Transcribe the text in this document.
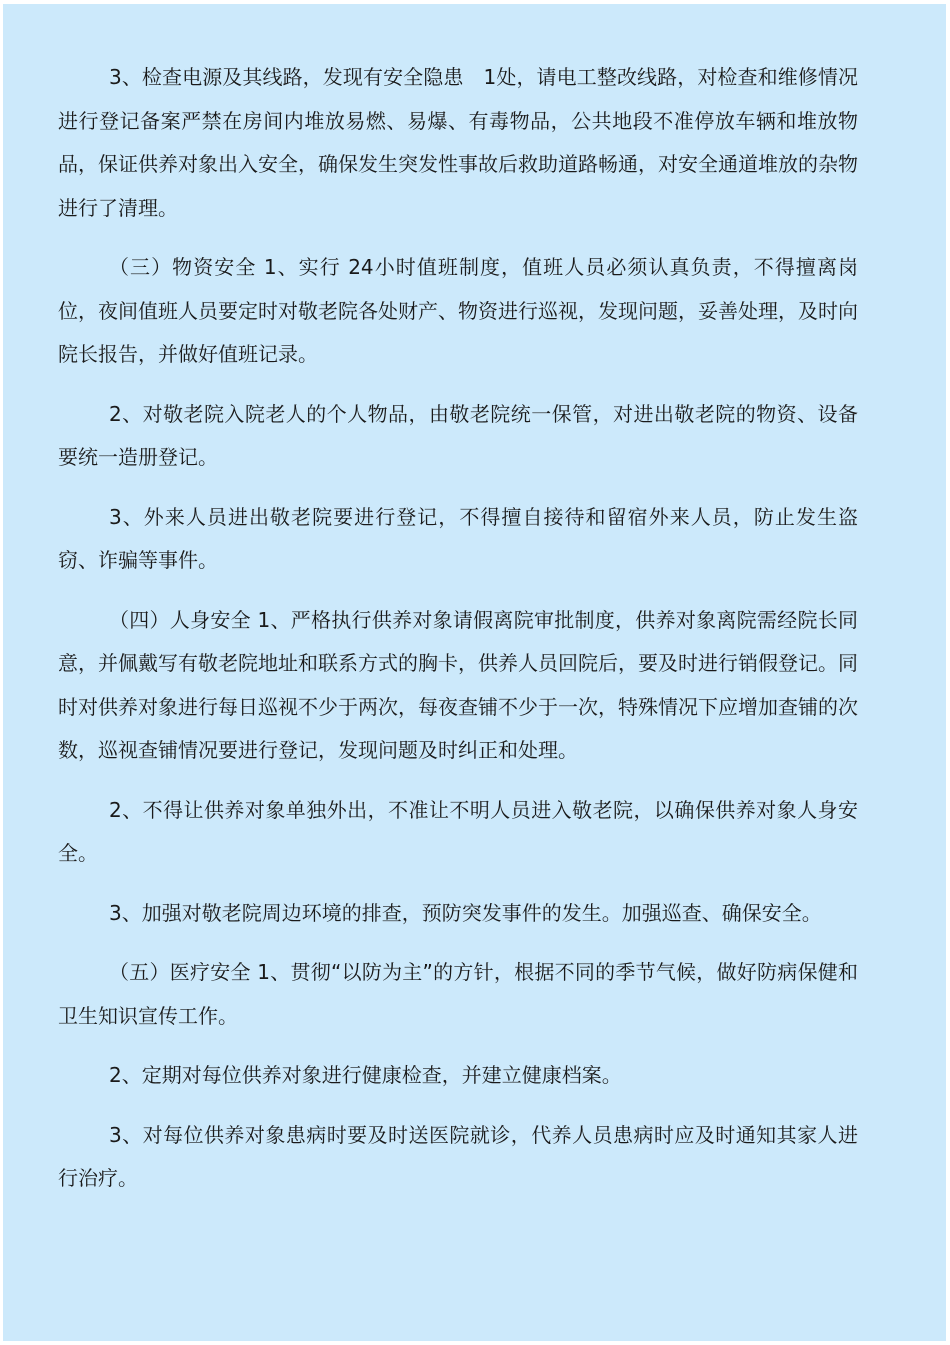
3、检查电源及其线路，发现有安全隐患　1处，请电工整改线路，对检查和维修情况进行登记备案严禁在房间内堆放易燃、易爆、有毒物品，公共地段不准停放车辆和堆放物品，保证供养对象出入安全，确保发生突发性事故后救助道路畅通，对安全通道堆放的杂物进行了清理。

（三）物资安全 1、实行 24小时值班制度，值班人员必须认真负责，不得擅离岗位，夜间值班人员要定时对敬老院各处财产、物资进行巡视，发现问题，妥善处理，及时向院长报告，并做好值班记录。

2、对敬老院入院老人的个人物品，由敬老院统一保管，对进出敬老院的物资、设备要统一造册登记。

3、外来人员进出敬老院要进行登记，不得擅自接待和留宿外来人员，防止发生盗窃、诈骗等事件。

（四）人身安全 1、严格执行供养对象请假离院审批制度，供养对象离院需经院长同意，并佩戴写有敬老院地址和联系方式的胸卡，供养人员回院后，要及时进行销假登记。同时对供养对象进行每日巡视不少于两次，每夜查铺不少于一次，特殊情况下应增加查铺的次数，巡视查铺情况要进行登记，发现问题及时纠正和处理。

2、不得让供养对象单独外出，不准让不明人员进入敬老院，以确保供养对象人身安全。

3、加强对敬老院周边环境的排查，预防突发事件的发生。加强巡查、确保安全。

（五）医疗安全 1、贯彻“以防为主”的方针，根据不同的季节气候，做好防病保健和卫生知识宣传工作。

2、定期对每位供养对象进行健康检查，并建立健康档案。

3、对每位供养对象患病时要及时送医院就诊，代养人员患病时应及时通知其家人进行治疗。
